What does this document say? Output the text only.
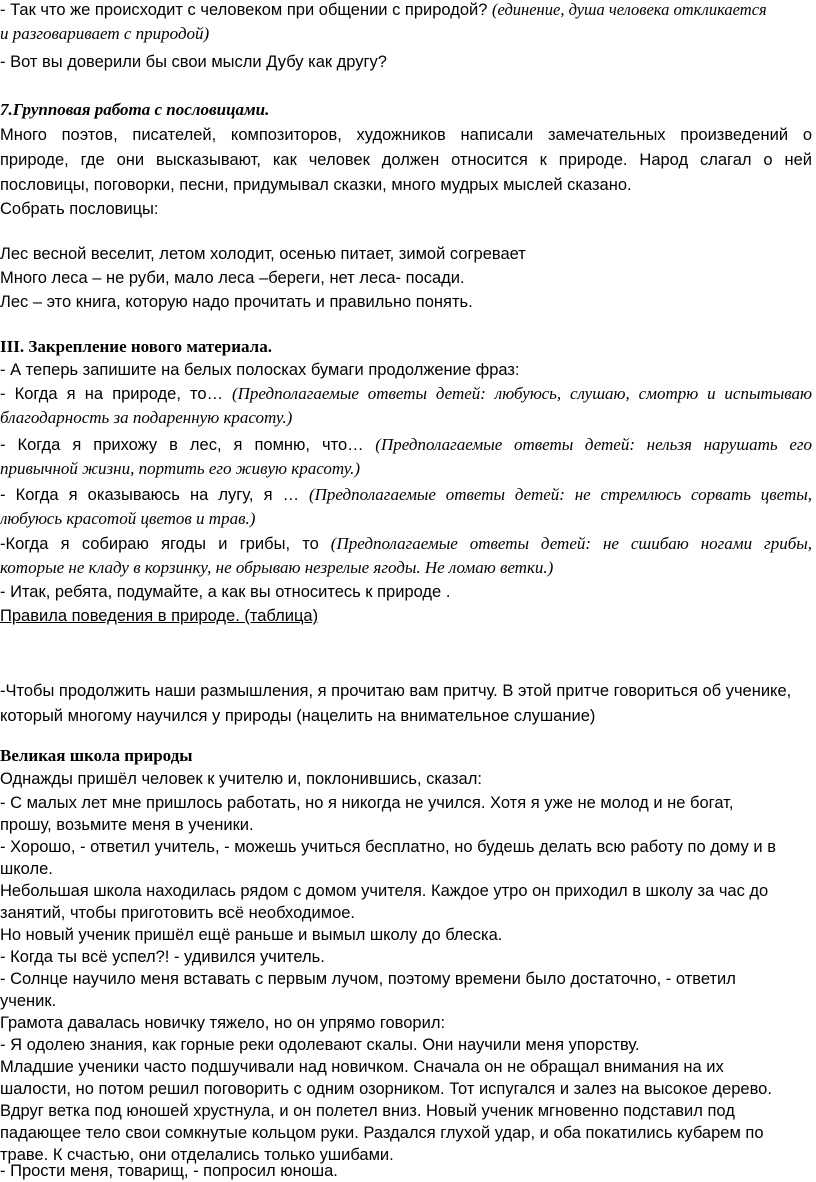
- Так что же происходит с человеком при общении с природой? (единение, душа человека откликается
и разговаривает с природой)
- Вот вы доверили бы свои мысли Дубу как другу?
7.Групповая работа с пословицами.
Много поэтов, писателей, композиторов, художников написали замечательных произведений о
природе, где они высказывают, как человек должен относится к природе. Народ слагал о ней
пословицы, поговорки, песни, придумывал сказки, много мудрых мыслей сказано.
Собрать пословицы:
Лес весной веселит, летом холодит, осенью питает, зимой согревает
Много леса – не руби, мало леса –береги, нет леса- посади.
Лес – это книга, которую надо прочитать и правильно понять.
III. Закрепление нового материала.
- А теперь запишите на белых полосках бумаги продолжение фраз:
- Когда я на природе, то… (Предполагаемые ответы детей: любуюсь, слушаю, смотрю и испытываю
благодарность за подаренную красоту.)
- Когда я прихожу в лес, я помню, что… (Предполагаемые ответы детей: нельзя нарушать его
привычной жизни, портить его живую красоту.)
- Когда я оказываюсь на лугу, я … (Предполагаемые ответы детей: не стремлюсь сорвать цветы,
любуюсь красотой цветов и трав.)
-Когда я собираю ягоды и грибы, то (Предполагаемые ответы детей: не сшибаю ногами грибы,
которые не кладу в корзинку, не обрываю незрелые ягоды. Не ломаю ветки.)
- Итак, ребята, подумайте, а как вы относитесь к природе .
Правила поведения в природе. (таблица)
-Чтобы продолжить наши размышления, я прочитаю вам притчу. В этой притче говориться об ученике,
который многому научился у природы (нацелить на внимательное слушание)
Великая школа природы
Однажды пришёл человек к учителю и, поклонившись, сказал:
- С малых лет мне пришлось работать, но я никогда не учился. Хотя я уже не молод и не богат,
прошу, возьмите меня в ученики.
- Хорошо, - ответил учитель, - можешь учиться бесплатно, но будешь делать всю работу по дому и в
школе.
Небольшая школа находилась рядом с домом учителя. Каждое утро он приходил в школу за час до
занятий, чтобы приготовить всё необходимое.
Но новый ученик пришёл ещё раньше и вымыл школу до блеска.
- Когда ты всё успел?! - удивился учитель.
- Солнце научило меня вставать с первым лучом, поэтому времени было достаточно, - ответил
ученик.
Грамота давалась новичку тяжело, но он упрямо говорил:
- Я одолею знания, как горные реки одолевают скалы. Они научили меня упорству.
Младшие ученики часто подшучивали над новичком. Сначала он не обращал внимания на их
шалости, но потом решил поговорить с одним озорником. Тот испугался и залез на высокое дерево.
Вдруг ветка под юношей хрустнула, и он полетел вниз. Новый ученик мгновенно подставил под
падающее тело свои сомкнутые кольцом руки. Раздался глухой удар, и оба покатились кубарем по
траве. К счастью, они отделались только ушибами.
- Прости меня, товарищ, - попросил юноша.
